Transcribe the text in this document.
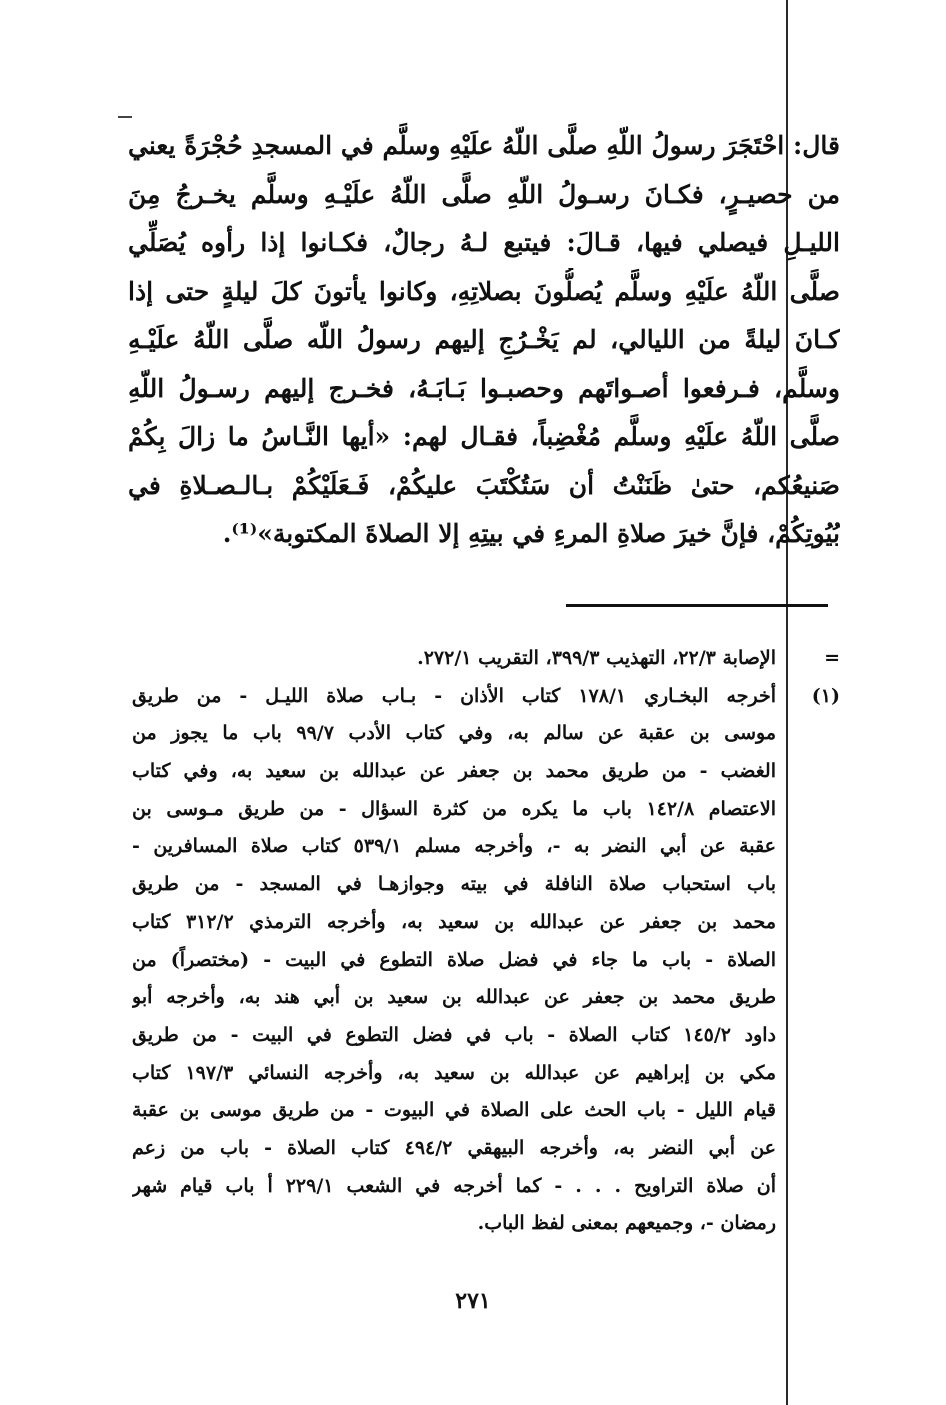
قال: احْتَجَرَ رسولُ اللّهِ صلَّى اللّهُ علَيْهِ وسلَّم في المسجدِ حُجْرَةً يعني
من حصيـرٍ، فكـانَ رسـولُ اللّهِ صلَّى اللّهُ علَيْـهِ وسلَّم يخـرجُ مِنَ
الليـلِ فيصلي فيها، قـالَ: فيتبع لـهُ رجالٌ، فكـانوا إذا رأوه يُصَلِّي
صلَّى اللّهُ علَيْهِ وسلَّم يُصلُّونَ بصلاتِهِ، وكانوا يأتونَ كلَ ليلةٍ حتى إذا
كـانَ ليلةً من الليالي، لم يَخْـرُجِ إليهم رسولُ اللّه صلَّى اللّهُ علَيْـهِ
وسلَّم، فـرفعوا أصـواتَهم وحصبـوا بَـابَـهُ، فخـرج إليهم رسـولُ اللّهِ
صلَّى اللّهُ علَيْهِ وسلَّم مُغْضِباً، فقـال لهم: «أيها النَّـاسُ ما زالَ بِكُمْ
صَنيعُكم، حتىٰ ظَنَنْتُ أن سَتُكْتَبَ عليكُمْ، فَـعَلَيْكُمْ بـالـصـلاةِ في
بُيُوتِكُمْ، فإنَّ خيرَ صلاةِ المرءِ في بيتِهِ إلا الصلاةَ المكتوبة»⁽¹⁾.
=
الإصابة ٢٢/٣، التهذيب ٣٩٩/٣، التقريب ٢٧٢/١.
(١)
أخرجه البخـاري ١٧٨/١ كتاب الأذان - بـاب صلاة الليـل - من طريق
موسى بن عقبة عن سالم به، وفي كتاب الأدب ٩٩/٧ باب ما يجوز من
الغضب - من طريق محمد بن جعفر عن عبدالله بن سعيد به، وفي كتاب
الاعتصام ١٤٢/٨ باب ما يكره من كثرة السؤال - من طريق مـوسى بن
عقبة عن أبي النضر به -، وأخرجه مسلم ٥٣٩/١ كتاب صلاة المسافرين -
باب استحباب صلاة النافلة في بيته وجوازهـا في المسجد - من طريق
محمد بن جعفر عن عبدالله بن سعيد به، وأخرجه الترمذي ٣١٢/٢ كتاب
الصلاة - باب ما جاء في فضل صلاة التطوع في البيت - (مختصراً) من
طريق محمد بن جعفر عن عبدالله بن سعيد بن أبي هند به، وأخرجه أبو
داود ١٤٥/٢ كتاب الصلاة - باب في فضل التطوع في البيت - من طريق
مكي بن إبراهيم عن عبدالله بن سعيد به، وأخرجه النسائي ١٩٧/٣ كتاب
قيام الليل - باب الحث على الصلاة في البيوت - من طريق موسى بن عقبة
عن أبي النضر به، وأخرجه البيهقي ٤٩٤/٢ كتاب الصلاة - باب من زعم
أن صلاة التراويح . . . - كما أخرجه في الشعب ٢٢٩/١ أ باب قيام شهر
رمضان -، وجميعهم بمعنى لفظ الباب.
٢٧١
